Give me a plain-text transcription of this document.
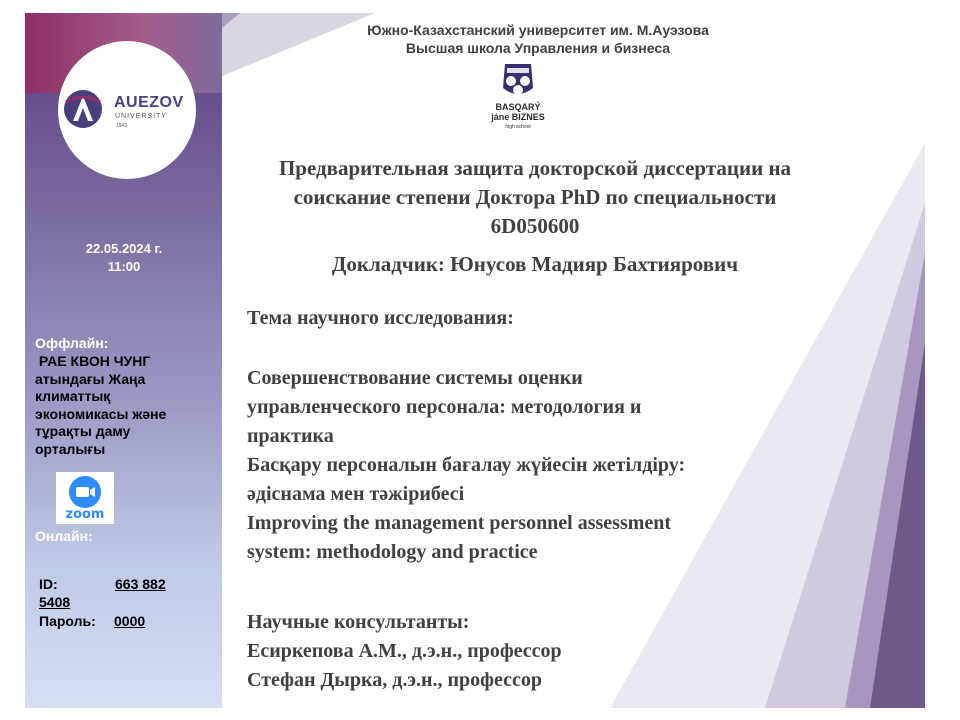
AUEZOV
UNIVERSITY
1943
22.05.2024 г.
11:00
Оффлайн:
PAE КВОН ЧУНГ
атындағы Жаңа
климаттық
экономикасы және
тұрақты даму
орталығы
zoom
Онлайн:
ID:	663 882
5408
Пароль: 0000
Южно-Казахстанский университет им. М.Ауэзова
Высшая школа Управления и бизнеса
BASQARÝ
jáne BIZNES
high school
Предварительная защита докторской диссертации на
соискание степени Доктора PhD по специальности
6D050600
Докладчик: Юнусов Мадияр Бахтиярович
Тема научного исследования:
Совершенствование системы оценки
управленческого персонала: методология и
практика
Басқару персоналын бағалау жүйесін жетілдіру:
әдіснама мен тәжірибесі
Improving the management personnel assessment
system: methodology and practice
Научные консультанты:
Есиркепова А.М., д.э.н., профессор
Стефан Дырка, д.э.н., профессор
